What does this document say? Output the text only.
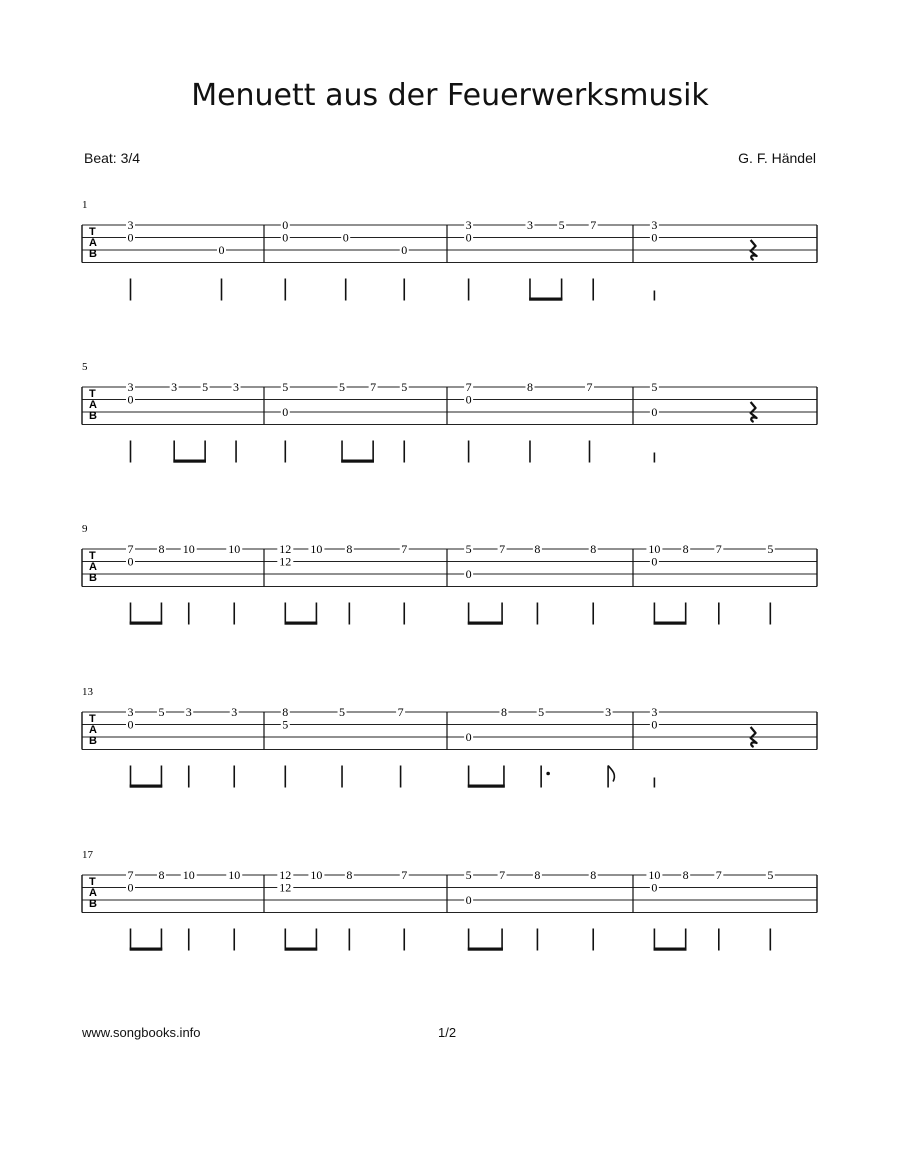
Menuett aus der Feuerwerksmusik
Beat: 3/4	G. F. Händel
1
T
A
B
3
0
0
0
0	0
0
3
0
3 5 7	3
0
5
T
A
B
3
0
3 5 3	5
0
5 7 5	7
0
8	7	5
0
9
T
A
B
7
0
8 10	10	12
12
10 8	7	5
0
7 8	8	10
0
8 7	5
13
T
A
B
3
0
5 3	3	8
5
5	7
0
8	5	3	3
0
17
T
A
B
7
0
8 10	10	12
12
10 8	7	5
0
7 8	8	10
0
8 7	5
www.songbooks.info	1/2
